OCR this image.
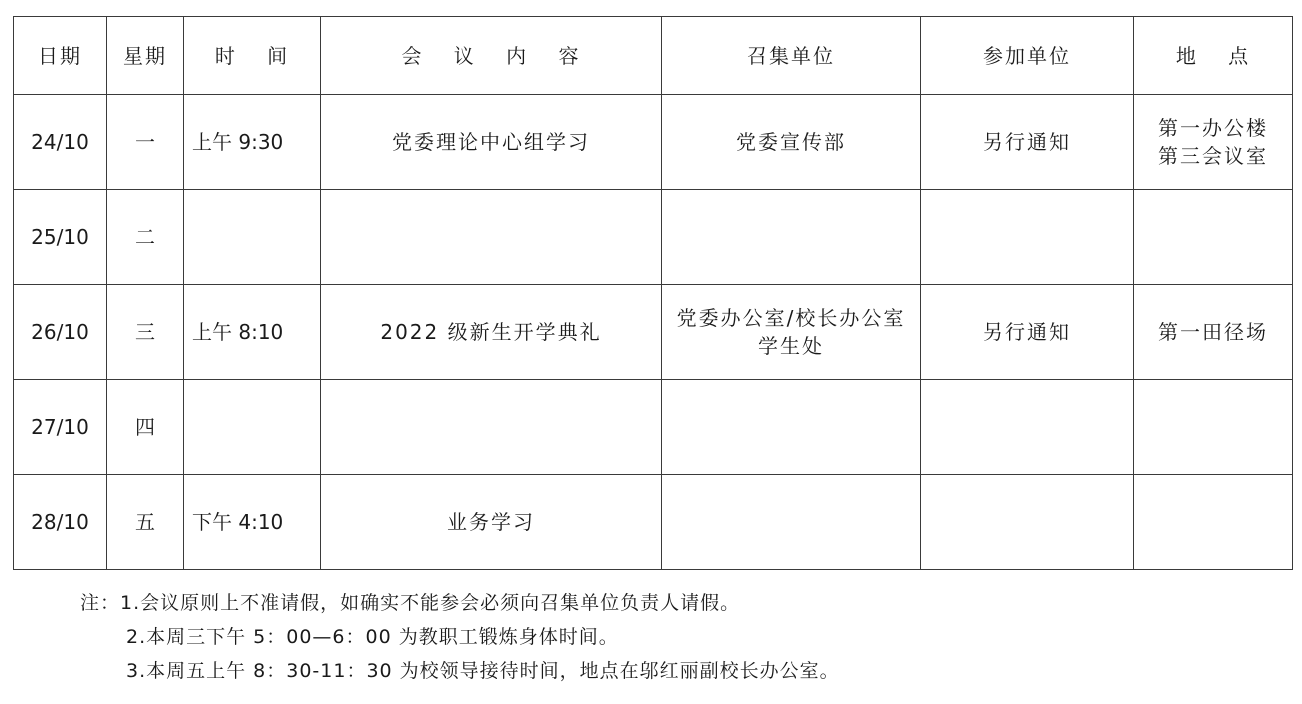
日期	星期	时 间	会 议 内 容	召集单位	参加单位	地 点
24/10	一	上午 9:30	党委理论中心组学习	党委宣传部	另行通知	第一办公楼
第三会议室

25/10	二			

26/10	三	上午 8:10	2022 级新生开学典礼	党委办公室/校长办公室
学生处	另行通知	第一田径场

27/10	四			

28/10	五	下午 4:10	业务学习	

注：1.会议原则上不准请假，如确实不能参会必须向召集单位负责人请假。
2.本周三下午 5：00—6：00 为教职工锻炼身体时间。
3.本周五上午 8：30-11：30 为校领导接待时间，地点在邬红丽副校长办公室。
